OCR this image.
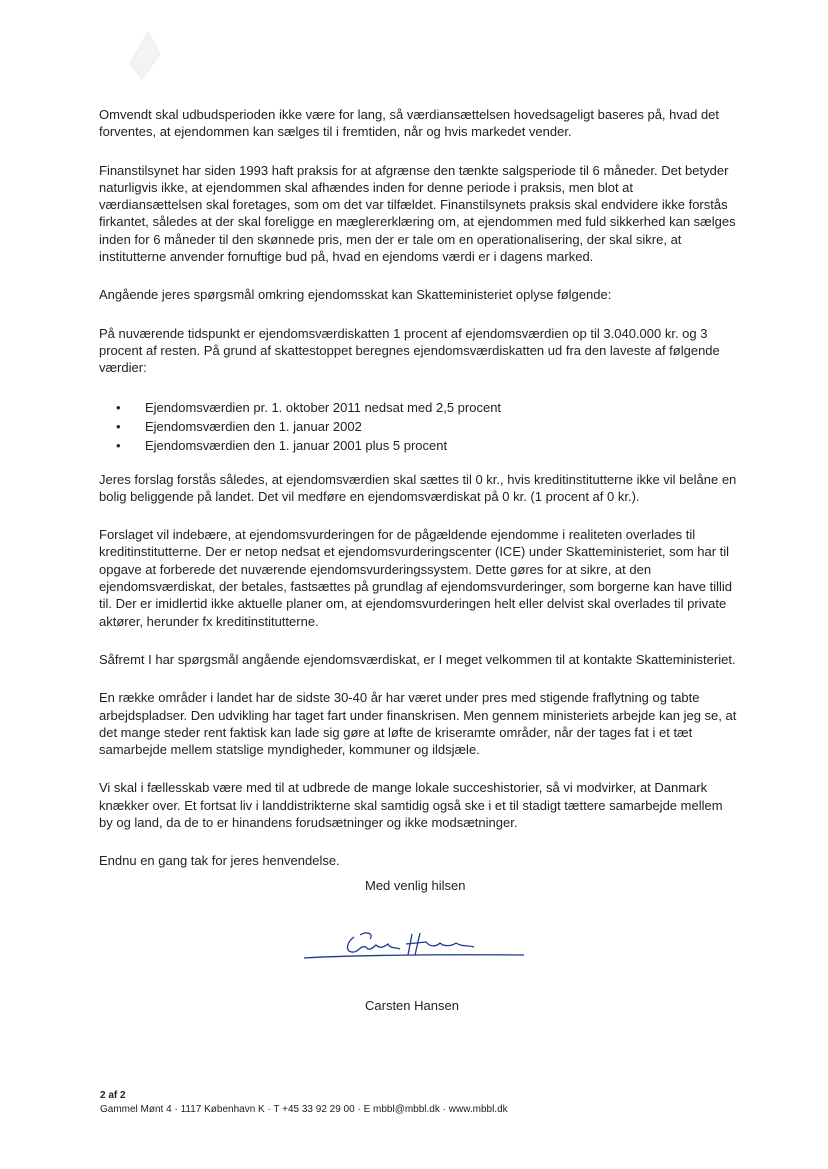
Omvendt skal udbudsperioden ikke være for lang, så værdiansættelsen hovedsageligt baseres på, hvad det forventes, at ejendommen kan sælges til i fremtiden, når og hvis markedet vender.

Finanstilsynet har siden 1993 haft praksis for at afgrænse den tænkte salgsperiode til 6 måneder. Det betyder naturligvis ikke, at ejendommen skal afhændes inden for denne periode i praksis, men blot at værdiansættelsen skal foretages, som om det var tilfældet. Finanstilsynets praksis skal endvidere ikke forstås firkantet, således at der skal foreligge en mæglererklæring om, at ejendommen med fuld sikkerhed kan sælges inden for 6 måneder til den skønnede pris, men der er tale om en operationalisering, der skal sikre, at institutterne anvender fornuftige bud på, hvad en ejendoms værdi er i dagens marked.

Angående jeres spørgsmål omkring ejendomsskat kan Skatteministeriet oplyse følgende:

På nuværende tidspunkt er ejendomsværdiskatten 1 procent af ejendomsværdien op til 3.040.000 kr. og 3 procent af resten. På grund af skattestoppet beregnes ejendomsværdiskatten ud fra den laveste af følgende værdier:

• Ejendomsværdien pr. 1. oktober 2011 nedsat med 2,5 procent
• Ejendomsværdien den 1. januar 2002
• Ejendomsværdien den 1. januar 2001 plus 5 procent

Jeres forslag forstås således, at ejendomsværdien skal sættes til 0 kr., hvis kreditinstitutterne ikke vil belåne en bolig beliggende på landet. Det vil medføre en ejendomsværdiskat på 0 kr. (1 procent af 0 kr.).

Forslaget vil indebære, at ejendomsvurderingen for de pågældende ejendomme i realiteten overlades til kreditinstitutterne. Der er netop nedsat et ejendomsvurderingscenter (ICE) under Skatteministeriet, som har til opgave at forberede det nuværende ejendomsvurderingssystem. Dette gøres for at sikre, at den ejendomsværdiskat, der betales, fastsættes på grundlag af ejendomsvurderinger, som borgerne kan have tillid til. Der er imidlertid ikke aktuelle planer om, at ejendomsvurderingen helt eller delvist skal overlades til private aktører, herunder fx kreditinstitutterne.

Såfremt I har spørgsmål angående ejendomsværdiskat, er I meget velkommen til at kontakte Skatteministeriet.

En række områder i landet har de sidste 30-40 år har været under pres med stigende fraflytning og tabte arbejdspladser. Den udvikling har taget fart under finanskrisen. Men gennem ministeriets arbejde kan jeg se, at det mange steder rent faktisk kan lade sig gøre at løfte de kriseramte områder, når der tages fat i et tæt samarbejde mellem statslige myndigheder, kommuner og ildsjæle.

Vi skal i fællesskab være med til at udbrede de mange lokale succeshistorier, så vi modvirker, at Danmark knækker over. Et fortsat liv i landdistrikterne skal samtidig også ske i et til stadigt tættere samarbejde mellem by og land, da de to er hinandens forudsætninger og ikke modsætninger.

Endnu en gang tak for jeres henvendelse.

Med venlig hilsen
Carsten Hansen
2 af 2
Gammel Mønt 4 · 1117 København K · T +45 33 92 29 00 · E mbbl@mbbl.dk · www.mbbl.dk
